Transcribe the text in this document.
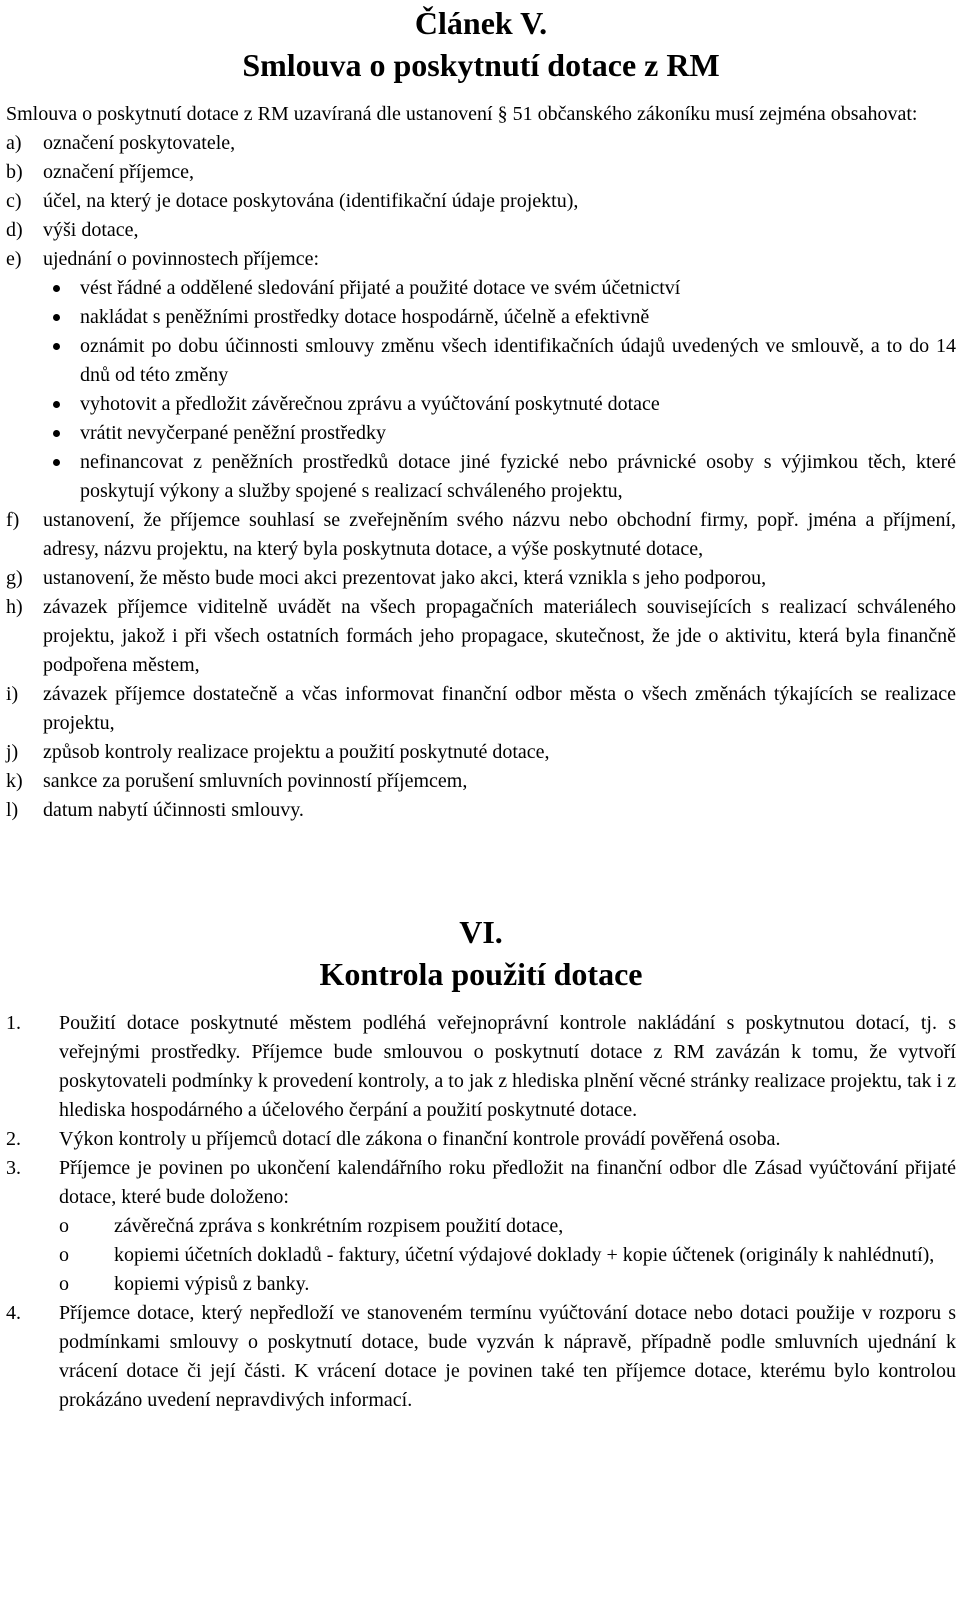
Článek V.
Smlouva o poskytnutí dotace z RM

Smlouva o poskytnutí dotace z RM uzavíraná dle ustanovení § 51 občanského zákoníku musí zejména obsahovat:

a) označení poskytovatele,
b) označení příjemce,
c) účel, na který je dotace poskytována (identifikační údaje projektu),
d) výši dotace,
e) ujednání o povinnostech příjemce:
vést řádné a oddělené sledování přijaté a použité dotace ve svém účetnictví
nakládat s peněžními prostředky dotace hospodárně, účelně a efektivně
oznámit po dobu účinnosti smlouvy změnu všech identifikačních údajů uvedených ve smlouvě, a to do 14 dnů od této změny
vyhotovit a předložit závěrečnou zprávu a vyúčtování poskytnuté dotace
vrátit nevyčerpané peněžní prostředky
nefinancovat z peněžních prostředků dotace jiné fyzické nebo právnické osoby s výjimkou těch, které poskytují výkony a služby spojené s realizací schváleného projektu,
f) ustanovení, že příjemce souhlasí se zveřejněním svého názvu nebo obchodní firmy, popř. jména a příjmení, adresy, názvu projektu, na který byla poskytnuta dotace, a výše poskytnuté dotace,
g) ustanovení, že město bude moci akci prezentovat jako akci, která vznikla s jeho podporou,
h) závazek příjemce viditelně uvádět na všech propagačních materiálech souvisejících s realizací schváleného projektu, jakož i při všech ostatních formách jeho propagace, skutečnost, že jde o aktivitu, která byla finančně podpořena městem,
i) závazek příjemce dostatečně a včas informovat finanční odbor města o všech změnách týkajících se realizace projektu,
j) způsob kontroly realizace projektu a použití poskytnuté dotace,
k) sankce za porušení smluvních povinností příjemcem,
l) datum nabytí účinnosti smlouvy.
VI.
Kontrola použití dotace
1. Použití dotace poskytnuté městem podléhá veřejnoprávní kontrole nakládání s poskytnutou dotací, tj. s veřejnými prostředky. Příjemce bude smlouvou o poskytnutí dotace z RM zavázán k tomu, že vytvoří poskytovateli podmínky k provedení kontroly, a to jak z hlediska plnění věcné stránky realizace projektu, tak i z hlediska hospodárného a účelového čerpání a použití poskytnuté dotace.
2. Výkon kontroly u příjemců dotací dle zákona o finanční kontrole provádí pověřená osoba.
3. Příjemce je povinen po ukončení kalendářního roku předložit na finanční odbor dle Zásad vyúčtování přijaté dotace, které bude doloženo:
o závěrečná zpráva s konkrétním rozpisem použití dotace,
o kopiemi účetních dokladů - faktury, účetní výdajové doklady + kopie účtenek (originály k nahlédnutí),
o kopiemi výpisů z banky.
4. Příjemce dotace, který nepředloží ve stanoveném termínu vyúčtování dotace nebo dotaci použije v rozporu s podmínkami smlouvy o poskytnutí dotace, bude vyzván k nápravě, případně podle smluvních ujednání k vrácení dotace či její části. K vrácení dotace je povinen také ten příjemce dotace, kterému bylo kontrolou prokázáno uvedení nepravdivých informací.
